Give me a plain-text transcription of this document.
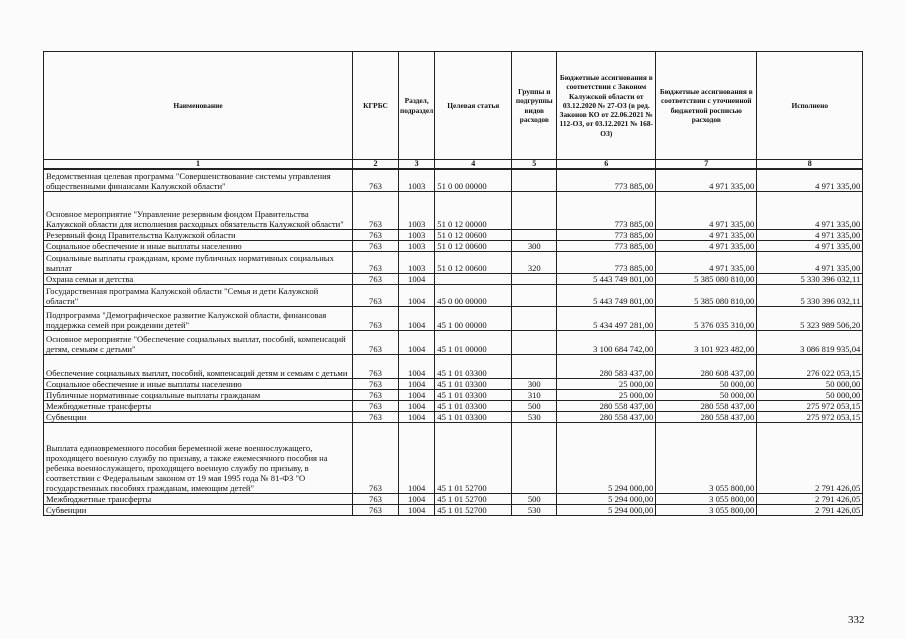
Наименование	КГРБС	Раздел, подраздел	Целевая статья	Группы и подгруппы видов расходов	Бюджетные ассигнования в соответствии с Законом Калужской области от 03.12.2020 № 27-ОЗ (в ред. Законов КО от 22.06.2021 № 112-ОЗ, от 03.12.2021 № 168-ОЗ)	Бюджетные ассигнования в соответствии с уточненной бюджетной росписью расходов	Исполнено
1	2	3	4	5	6	7	8
Ведомственная целевая программа "Совершенствование системы управления общественными финансами Калужской области"	763	1003	51 0 00 00000		773 885,00	4 971 335,00	4 971 335,00
Основное мероприятие "Управление резервным фондом Правительства Калужской области для исполнения расходных обязательств Калужской области"	763	1003	51 0 12 00000		773 885,00	4 971 335,00	4 971 335,00
Резервный фонд Правительства Калужской области	763	1003	51 0 12 00600		773 885,00	4 971 335,00	4 971 335,00
Социальное обеспечение и иные выплаты населению	763	1003	51 0 12 00600	300	773 885,00	4 971 335,00	4 971 335,00
Социальные выплаты гражданам, кроме публичных нормативных социальных выплат	763	1003	51 0 12 00600	320	773 885,00	4 971 335,00	4 971 335,00
Охрана семьи и детства	763	1004			5 443 749 801,00	5 385 080 810,00	5 330 396 032,11
Государственная программа Калужской области "Семья и дети Калужской области"	763	1004	45 0 00 00000		5 443 749 801,00	5 385 080 810,00	5 330 396 032,11
Подпрограмма "Демографическое развитие Калужской области, финансовая поддержка семей при рождении детей"	763	1004	45 1 00 00000		5 434 497 281,00	5 376 035 310,00	5 323 989 506,20
Основное мероприятие "Обеспечение социальных выплат, пособий, компенсаций детям, семьям с детьми"	763	1004	45 1 01 00000		3 100 684 742,00	3 101 923 482,00	3 086 819 935,04
Обеспечение социальных выплат, пособий, компенсаций детям и семьям с детьми	763	1004	45 1 01 03300		280 583 437,00	280 608 437,00	276 022 053,15
Социальное обеспечение и иные выплаты населению	763	1004	45 1 01 03300	300	25 000,00	50 000,00	50 000,00
Публичные нормативные социальные выплаты гражданам	763	1004	45 1 01 03300	310	25 000,00	50 000,00	50 000,00
Межбюджетные трансферты	763	1004	45 1 01 03300	500	280 558 437,00	280 558 437,00	275 972 053,15
Субвенции	763	1004	45 1 01 03300	530	280 558 437,00	280 558 437,00	275 972 053,15
Выплата единовременного пособия беременной жене военнослужащего, проходящего военную службу по призыву, а также ежемесячного пособия на ребенка военнослужащего, проходящего военную службу по призыву, в соответствии с Федеральным законом от 19 мая 1995 года № 81-ФЗ "О государственных пособиях гражданам, имеющим детей"	763	1004	45 1 01 52700		5 294 000,00	3 055 800,00	2 791 426,05
Межбюджетные трансферты	763	1004	45 1 01 52700	500	5 294 000,00	3 055 800,00	2 791 426,05
Субвенции	763	1004	45 1 01 52700	530	5 294 000,00	3 055 800,00	2 791 426,05
332
